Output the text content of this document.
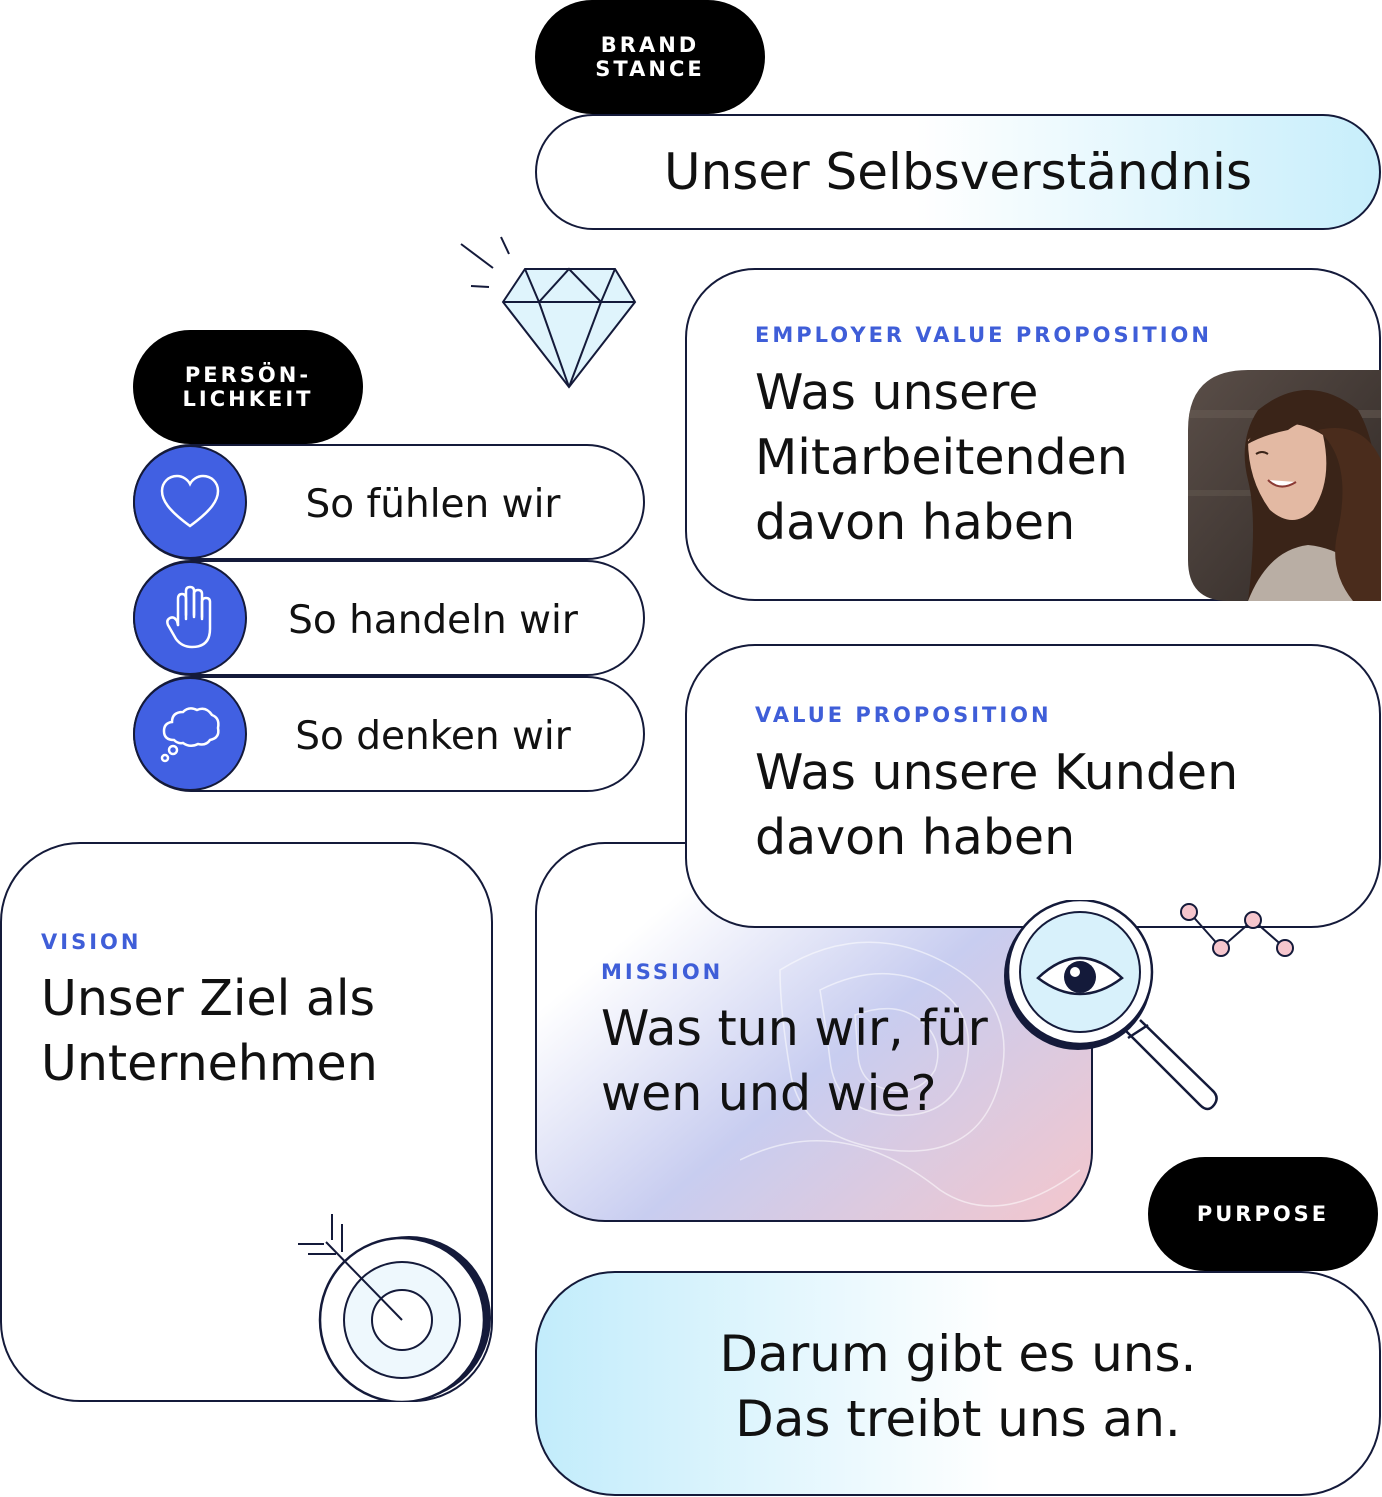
Unser Selbsverständnis
BRAND
STANCE
PERSÖN-
LICHKEIT
So fühlen wir
So handeln wir
So denken wir
EMPLOYER VALUE PROPOSITION
Was unsere
Mitarbeitenden
davon haben
MISSION
Was tun wir, für
wen und wie?
VALUE PROPOSITION
Was unsere Kunden
davon haben
VISION
Unser Ziel als
Unternehmen
Darum gibt es uns.
Das treibt uns an.
PURPOSE
